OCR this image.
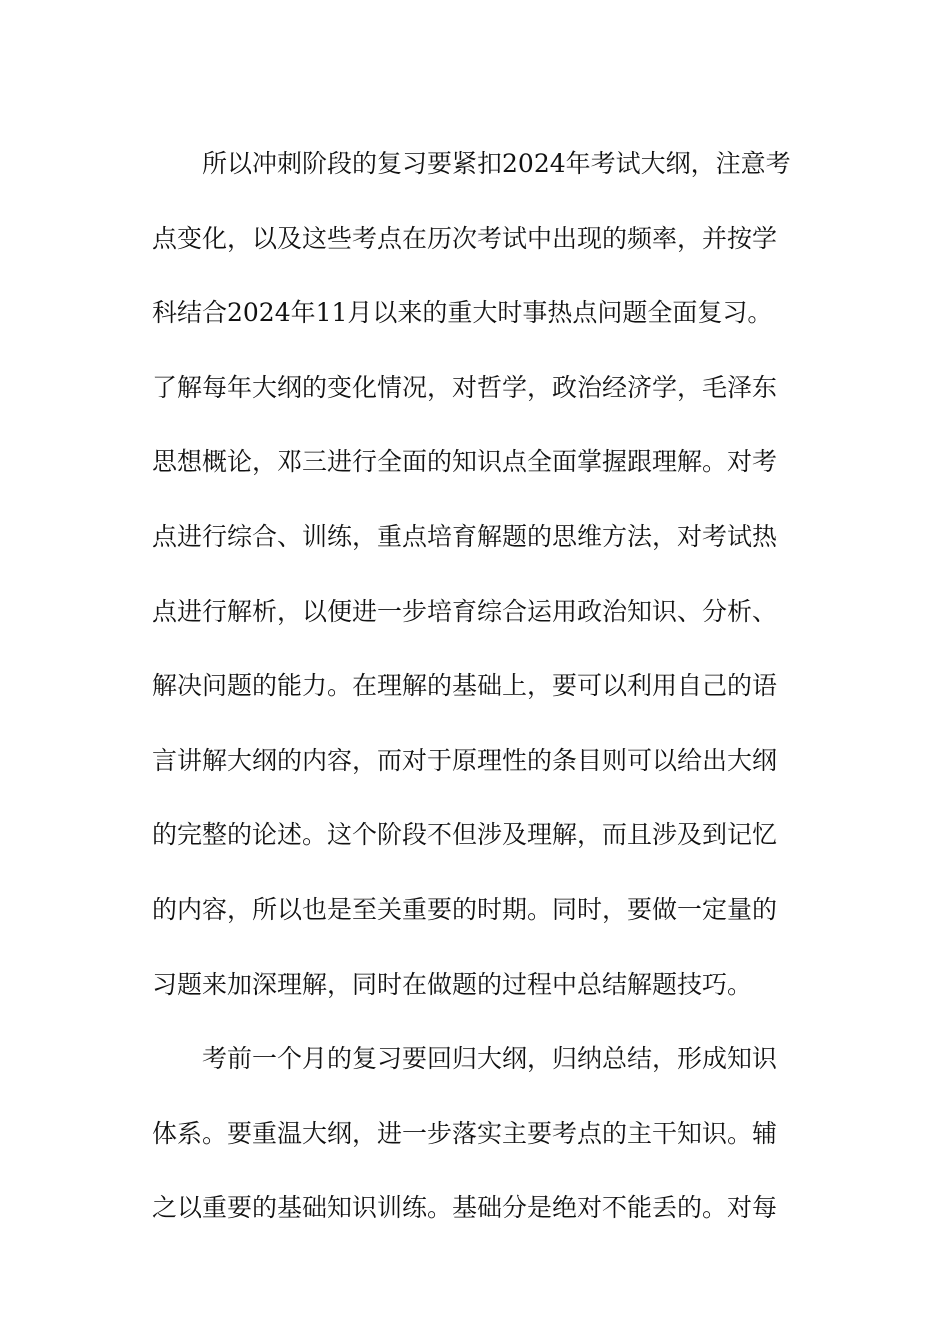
所以冲刺阶段的复习要紧扣2024年考试大纲，注意考
点变化，以及这些考点在历次考试中出现的频率，并按学
科结合2024年11月以来的重大时事热点问题全面复习。
了解每年大纲的变化情况，对哲学，政治经济学，毛泽东
思想概论，邓三进行全面的知识点全面掌握跟理解。对考
点进行综合、训练，重点培育解题的思维方法，对考试热
点进行解析，以便进一步培育综合运用政治知识、分析、
解决问题的能力。在理解的基础上，要可以利用自己的语
言讲解大纲的内容，而对于原理性的条目则可以给出大纲
的完整的论述。这个阶段不但涉及理解，而且涉及到记忆
的内容，所以也是至关重要的时期。同时，要做一定量的
习题来加深理解，同时在做题的过程中总结解题技巧。
考前一个月的复习要回归大纲，归纳总结，形成知识
体系。要重温大纲，进一步落实主要考点的主干知识。辅
之以重要的基础知识训练。基础分是绝对不能丢的。对每
